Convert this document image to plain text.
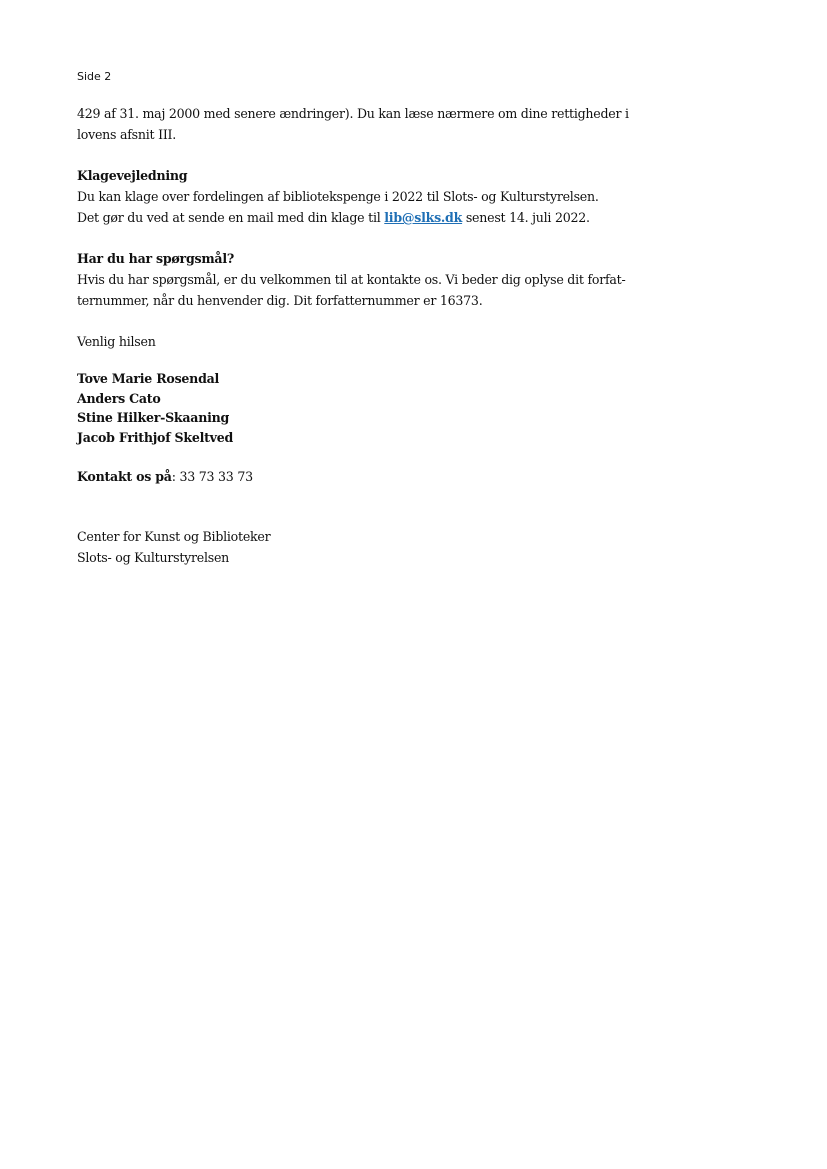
Side 2
429 af 31. maj 2000 med senere ændringer). Du kan læse nærmere om dine rettigheder i
lovens afsnit III.
Klagevejledning
Du kan klage over fordelingen af bibliotekspenge i 2022 til Slots- og Kulturstyrelsen.
Det gør du ved at sende en mail med din klage til lib@slks.dk senest 14. juli 2022.
Har du har spørgsmål?
Hvis du har spørgsmål, er du velkommen til at kontakte os. Vi beder dig oplyse dit forfat-
ternummer, når du henvender dig. Dit forfatternummer er 16373.
Venlig hilsen
Tove Marie Rosendal
Anders Cato
Stine Hilker-Skaaning
Jacob Frithjof Skeltved
Kontakt os på: 33 73 33 73
Center for Kunst og Biblioteker
Slots- og Kulturstyrelsen
